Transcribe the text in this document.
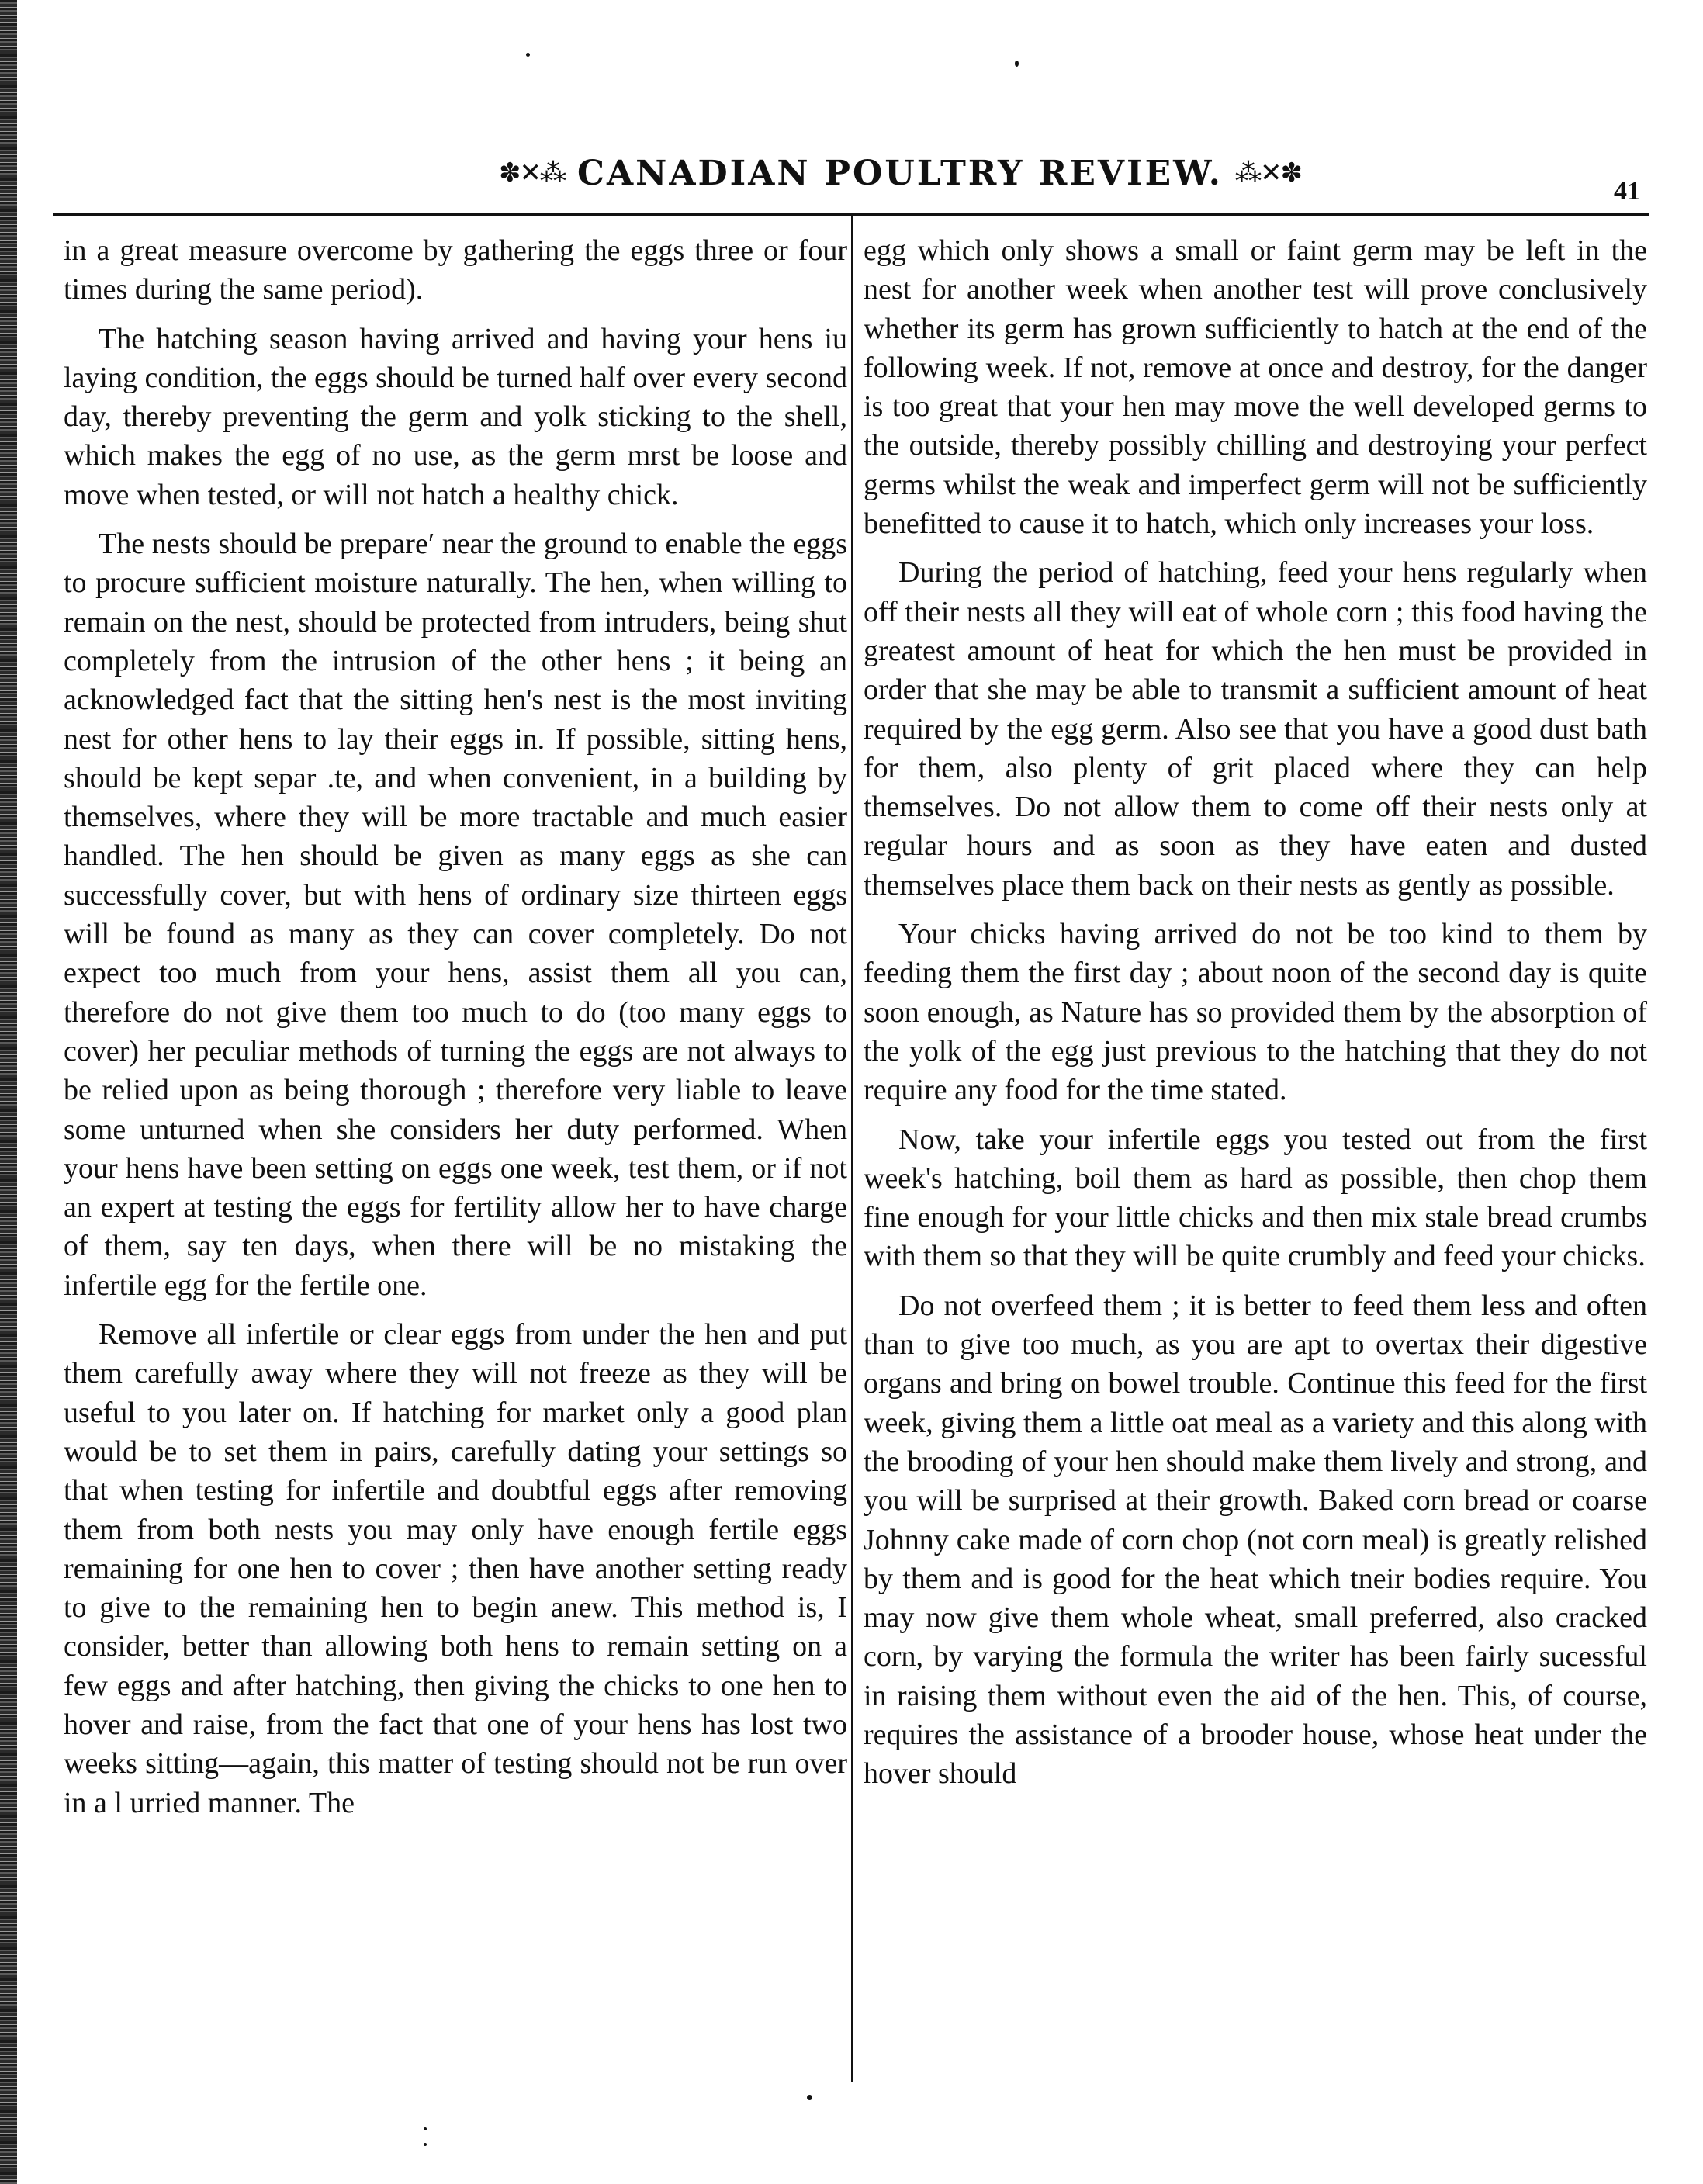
✽✕⁂ CANADIAN POULTRY REVIEW. ⁂✕✽
41

in a great measure overcome by gathering the eggs three or four times during the same period).

The hatching season having arrived and having your hens iu laying condition, the eggs should be turned half over every second day, thereby preventing the germ and yolk sticking to the shell, which makes the egg of no use, as the germ mrst be loose and move when tested, or will not hatch a healthy chick.

The nests should be prepare′ near the ground to enable the eggs to procure sufficient moisture naturally. The hen, when willing to remain on the nest, should be protected from intruders, being shut completely from the intrusion of the other hens ; it being an acknowledged fact that the sitting hen's nest is the most inviting nest for other hens to lay their eggs in. If possible, sitting hens, should be kept separ .te, and when convenient, in a building by themselves, where they will be more tractable and much easier handled. The hen should be given as many eggs as she can successfully cover, but with hens of ordinary size thirteen eggs will be found as many as they can cover completely. Do not expect too much from your hens, assist them all you can, therefore do not give them too much to do (too many eggs to cover) her peculiar methods of turning the eggs are not always to be relied upon as being thorough ; therefore very liable to leave some unturned when she considers her duty performed. When your hens have been setting on eggs one week, test them, or if not an expert at testing the eggs for fertility allow her to have charge of them, say ten days, when there will be no mistaking the infertile egg for the fertile one.

Remove all infertile or clear eggs from under the hen and put them carefully away where they will not freeze as they will be useful to you later on. If hatching for market only a good plan would be to set them in pairs, carefully dating your settings so that when testing for infertile and doubtful eggs after removing them from both nests you may only have enough fertile eggs remaining for one hen to cover ; then have another setting ready to give to the remaining hen to begin anew. This method is, I consider, better than allowing both hens to remain setting on a few eggs and after hatching, then giving the chicks to one hen to hover and raise, from the fact that one of your hens has lost two weeks sitting—again, this matter of testing should not be run over in a l urried manner. The

egg which only shows a small or faint germ may be left in the nest for another week when another test will prove conclusively whether its germ has grown sufficiently to hatch at the end of the following week. If not, remove at once and destroy, for the danger is too great that your hen may move the well developed germs to the outside, thereby possibly chilling and destroying your perfect germs whilst the weak and imperfect germ will not be sufficiently benefitted to cause it to hatch, which only increases your loss.

During the period of hatching, feed your hens regularly when off their nests all they will eat of whole corn ; this food having the greatest amount of heat for which the hen must be provided in order that she may be able to transmit a sufficient amount of heat required by the egg germ. Also see that you have a good dust bath for them, also plenty of grit placed where they can help themselves. Do not allow them to come off their nests only at regular hours and as soon as they have eaten and dusted themselves place them back on their nests as gently as possible.

Your chicks having arrived do not be too kind to them by feeding them the first day ; about noon of the second day is quite soon enough, as Nature has so provided them by the absorption of the yolk of the egg just previous to the hatching that they do not require any food for the time stated.

Now, take your infertile eggs you tested out from the first week's hatching, boil them as hard as possible, then chop them fine enough for your little chicks and then mix stale bread crumbs with them so that they will be quite crumbly and feed your chicks.

Do not overfeed them ; it is better to feed them less and often than to give too much, as you are apt to overtax their digestive organs and bring on bowel trouble. Continue this feed for the first week, giving them a little oat meal as a variety and this along with the brooding of your hen should make them lively and strong, and you will be surprised at their growth. Baked corn bread or coarse Johnny cake made of corn chop (not corn meal) is greatly relished by them and is good for the heat which tneir bodies require. You may now give them whole wheat, small preferred, also cracked corn, by varying the formula the writer has been fairly sucessful in raising them without even the aid of the hen. This, of course, requires the assistance of a brooder house, whose heat under the hover should
